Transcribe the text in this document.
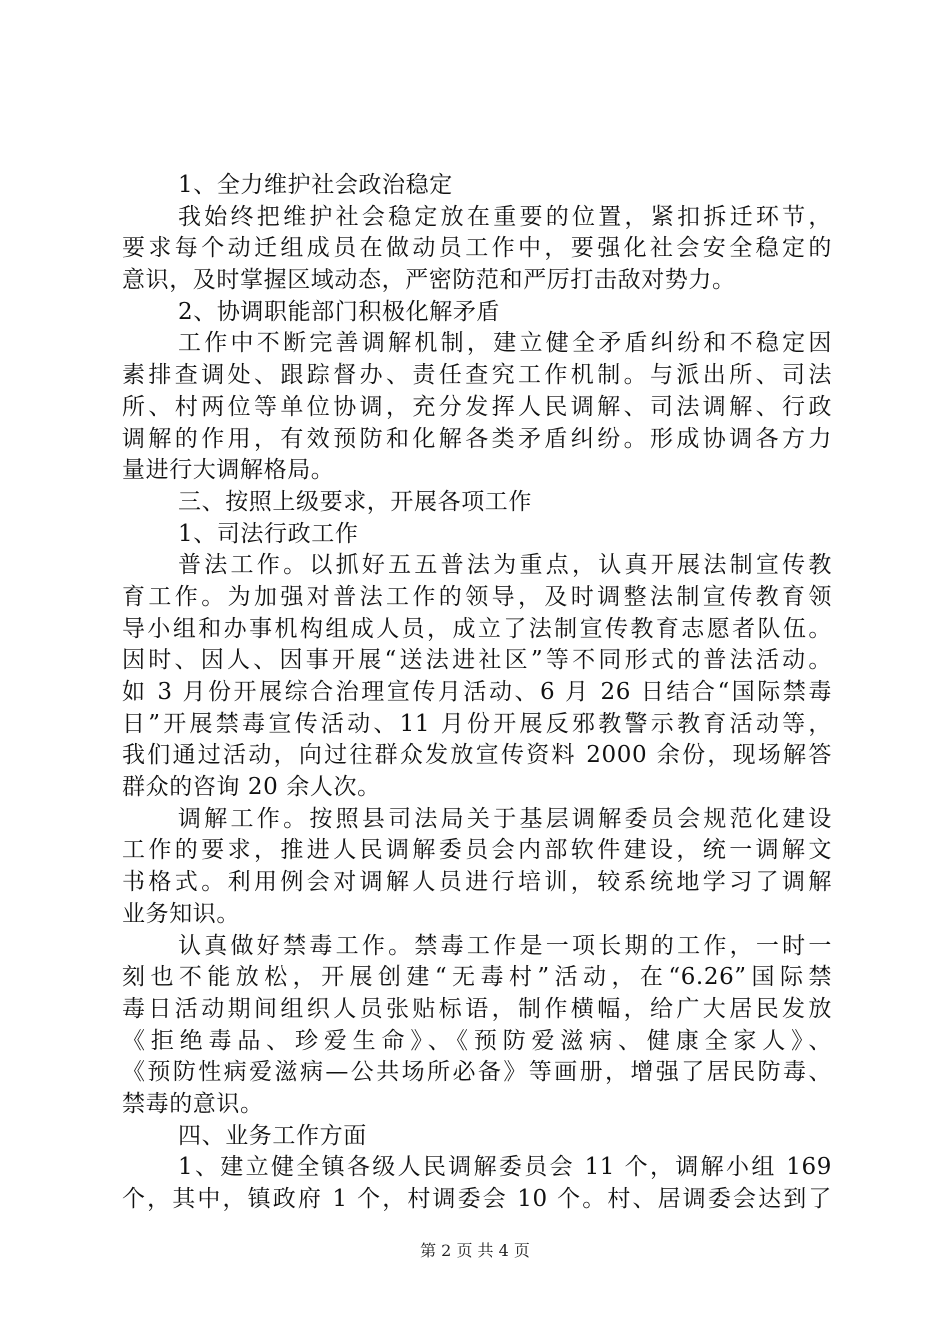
1、全力维护社会政治稳定
我始终把维护社会稳定放在重要的位置，紧扣拆迁环节，
要求每个动迁组成员在做动员工作中，要强化社会安全稳定的
意识，及时掌握区域动态，严密防范和严厉打击敌对势力。
2、协调职能部门积极化解矛盾
工作中不断完善调解机制，建立健全矛盾纠纷和不稳定因
素排查调处、跟踪督办、责任查究工作机制。与派出所、司法
所、村两位等单位协调，充分发挥人民调解、司法调解、行政
调解的作用，有效预防和化解各类矛盾纠纷。形成协调各方力
量进行大调解格局。
三、按照上级要求，开展各项工作
1、司法行政工作
普法工作。以抓好五五普法为重点，认真开展法制宣传教
育工作。为加强对普法工作的领导，及时调整法制宣传教育领
导小组和办事机构组成人员，成立了法制宣传教育志愿者队伍。
因时、因人、因事开展“送法进社区”等不同形式的普法活动。
如 3 月份开展综合治理宣传月活动、6 月 26 日结合“国际禁毒
日”开展禁毒宣传活动、11 月份开展反邪教警示教育活动等，
我们通过活动，向过往群众发放宣传资料 2000 余份，现场解答
群众的咨询 20 余人次。
调解工作。按照县司法局关于基层调解委员会规范化建设
工作的要求，推进人民调解委员会内部软件建设，统一调解文
书格式。利用例会对调解人员进行培训，较系统地学习了调解
业务知识。
认真做好禁毒工作。禁毒工作是一项长期的工作，一时一
刻也不能放松，开展创建“无毒村”活动，在“6.26”国际禁
毒日活动期间组织人员张贴标语，制作横幅，给广大居民发放
《拒绝毒品、珍爱生命》、《预防爱滋病、健康全家人》、
《预防性病爱滋病—公共场所必备》等画册，增强了居民防毒、
禁毒的意识。
四、业务工作方面
1、建立健全镇各级人民调解委员会 11 个，调解小组 169
个，其中，镇政府 1 个，村调委会 10 个。村、居调委会达到了
第 2 页 共 4 页
